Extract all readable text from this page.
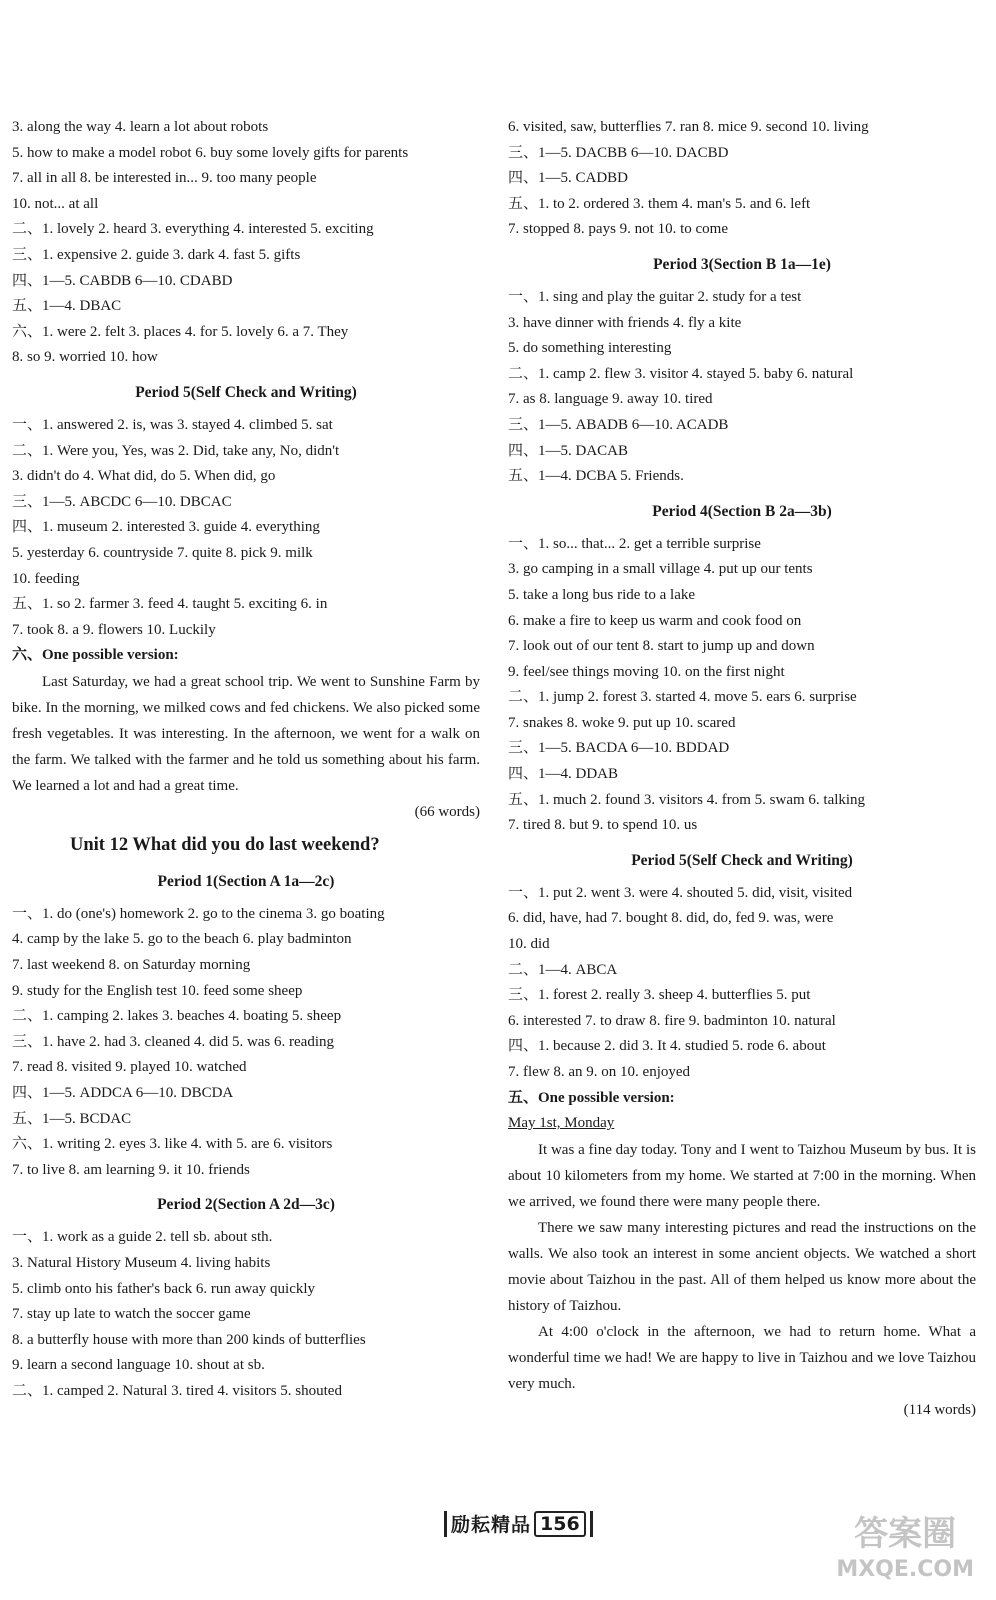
3. along the way 4. learn a lot about robots
5. how to make a model robot 6. buy some lovely gifts for parents
7. all in all 8. be interested in... 9. too many people
10. not... at all
二、1. lovely 2. heard 3. everything 4. interested 5. exciting
三、1. expensive 2. guide 3. dark 4. fast 5. gifts
四、1—5. CABDB 6—10. CDABD
五、1—4. DBAC
六、1. were 2. felt 3. places 4. for 5. lovely 6. a 7. They
8. so 9. worried 10. how
Period 5(Self Check and Writing)
一、1. answered 2. is, was 3. stayed 4. climbed 5. sat
二、1. Were you, Yes, was 2. Did, take any, No, didn't
3. didn't do 4. What did, do 5. When did, go
三、1—5. ABCDC 6—10. DBCAC
四、1. museum 2. interested 3. guide 4. everything
5. yesterday 6. countryside 7. quite 8. pick 9. milk
10. feeding
五、1. so 2. farmer 3. feed 4. taught 5. exciting 6. in
7. took 8. a 9. flowers 10. Luckily
六、One possible version:
Last Saturday, we had a great school trip. We went to Sunshine Farm by bike. In the morning, we milked cows and fed chickens. We also picked some fresh vegetables. It was interesting. In the afternoon, we went for a walk on the farm. We talked with the farmer and he told us something about his farm. We learned a lot and had a great time.
(66 words)
Unit 12 What did you do last weekend?
Period 1(Section A 1a—2c)
一、1. do (one's) homework 2. go to the cinema 3. go boating
4. camp by the lake 5. go to the beach 6. play badminton
7. last weekend 8. on Saturday morning
9. study for the English test 10. feed some sheep
二、1. camping 2. lakes 3. beaches 4. boating 5. sheep
三、1. have 2. had 3. cleaned 4. did 5. was 6. reading
7. read 8. visited 9. played 10. watched
四、1—5. ADDCA 6—10. DBCDA
五、1—5. BCDAC
六、1. writing 2. eyes 3. like 4. with 5. are 6. visitors
7. to live 8. am learning 9. it 10. friends
Period 2(Section A 2d—3c)
一、1. work as a guide 2. tell sb. about sth.
3. Natural History Museum 4. living habits
5. climb onto his father's back 6. run away quickly
7. stay up late to watch the soccer game
8. a butterfly house with more than 200 kinds of butterflies
9. learn a second language 10. shout at sb.
二、1. camped 2. Natural 3. tired 4. visitors 5. shouted
6. visited, saw, butterflies 7. ran 8. mice 9. second 10. living
三、1—5. DACBB 6—10. DACBD
四、1—5. CADBD
五、1. to 2. ordered 3. them 4. man's 5. and 6. left
7. stopped 8. pays 9. not 10. to come
Period 3(Section B 1a—1e)
一、1. sing and play the guitar 2. study for a test
3. have dinner with friends 4. fly a kite
5. do something interesting
二、1. camp 2. flew 3. visitor 4. stayed 5. baby 6. natural
7. as 8. language 9. away 10. tired
三、1—5. ABADB 6—10. ACADB
四、1—5. DACAB
五、1—4. DCBA 5. Friends.
Period 4(Section B 2a—3b)
一、1. so... that... 2. get a terrible surprise
3. go camping in a small village 4. put up our tents
5. take a long bus ride to a lake
6. make a fire to keep us warm and cook food on
7. look out of our tent 8. start to jump up and down
9. feel/see things moving 10. on the first night
二、1. jump 2. forest 3. started 4. move 5. ears 6. surprise
7. snakes 8. woke 9. put up 10. scared
三、1—5. BACDA 6—10. BDDAD
四、1—4. DDAB
五、1. much 2. found 3. visitors 4. from 5. swam 6. talking
7. tired 8. but 9. to spend 10. us
Period 5(Self Check and Writing)
一、1. put 2. went 3. were 4. shouted 5. did, visit, visited
6. did, have, had 7. bought 8. did, do, fed 9. was, were
10. did
二、1—4. ABCA
三、1. forest 2. really 3. sheep 4. butterflies 5. put
6. interested 7. to draw 8. fire 9. badminton 10. natural
四、1. because 2. did 3. It 4. studied 5. rode 6. about
7. flew 8. an 9. on 10. enjoyed
五、One possible version:
May 1st, Monday
It was a fine day today. Tony and I went to Taizhou Museum by bus. It is about 10 kilometers from my home. We started at 7:00 in the morning. When we arrived, we found there were many people there.
There we saw many interesting pictures and read the instructions on the walls. We also took an interest in some ancient objects. We watched a short movie about Taizhou in the past. All of them helped us know more about the history of Taizhou.
At 4:00 o'clock in the afternoon, we had to return home. What a wonderful time we had! We are happy to live in Taizhou and we love Taizhou very much.
(114 words)
励耘精品 156	答案圈
MXQE.COM
